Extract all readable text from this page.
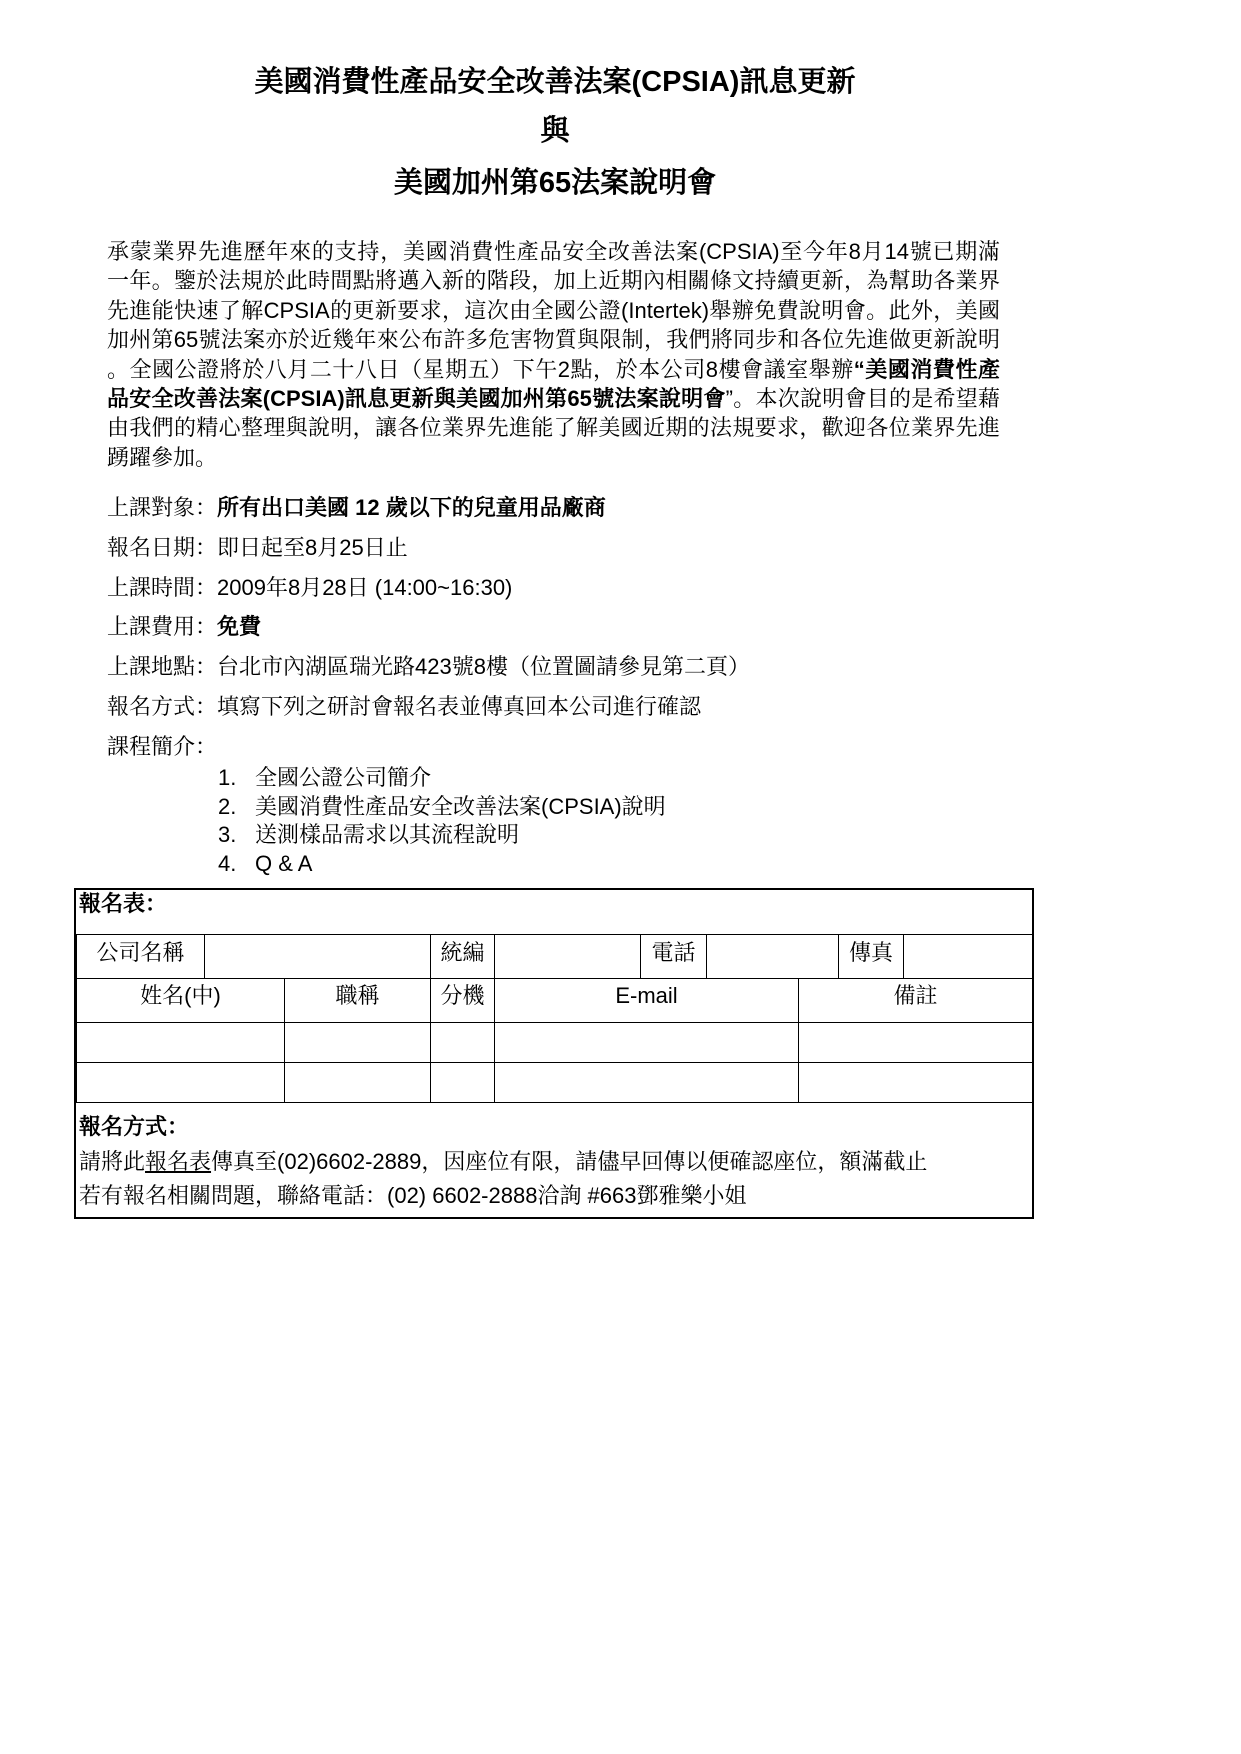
美國消費性產品安全改善法案(CPSIA)訊息更新
與
美國加州第65法案說明會
承蒙業界先進歷年來的支持，美國消費性產品安全改善法案(CPSIA)至今年8月14號已期滿
一年。鑒於法規於此時間點將邁入新的階段，加上近期內相關條文持續更新，為幫助各業界
先進能快速了解CPSIA的更新要求，這次由全國公證(Intertek)舉辦免費說明會。此外，美國
加州第65號法案亦於近幾年來公布許多危害物質與限制，我們將同步和各位先進做更新說明
。全國公證將於八月二十八日（星期五）下午2點，於本公司8樓會議室舉辦“美國消費性產
品安全改善法案(CPSIA)訊息更新與美國加州第65號法案說明會”。本次說明會目的是希望藉
由我們的精心整理與說明，讓各位業界先進能了解美國近期的法規要求，歡迎各位業界先進
踴躍參加。
上課對象：所有出口美國 12 歲以下的兒童用品廠商
報名日期：即日起至8月25日止
上課時間：2009年8月28日 (14:00~16:30)
上課費用：免費
上課地點：台北市內湖區瑞光路423號8樓（位置圖請參見第二頁）
報名方式：填寫下列之研討會報名表並傳真回本公司進行確認
課程簡介：
1. 全國公證公司簡介
2. 美國消費性產品安全改善法案(CPSIA)說明
3. 送測樣品需求以其流程說明
4. Q & A
報名表：
公司名稱		統編		電話		傳真	
姓名(中)	職稱	分機	E-mail	備註

報名方式：
請將此報名表傳真至(02)6602-2889，因座位有限，請儘早回傳以便確認座位，額滿截止
若有報名相關問題，聯絡電話：(02) 6602-2888洽詢 #663鄧雅樂小姐
